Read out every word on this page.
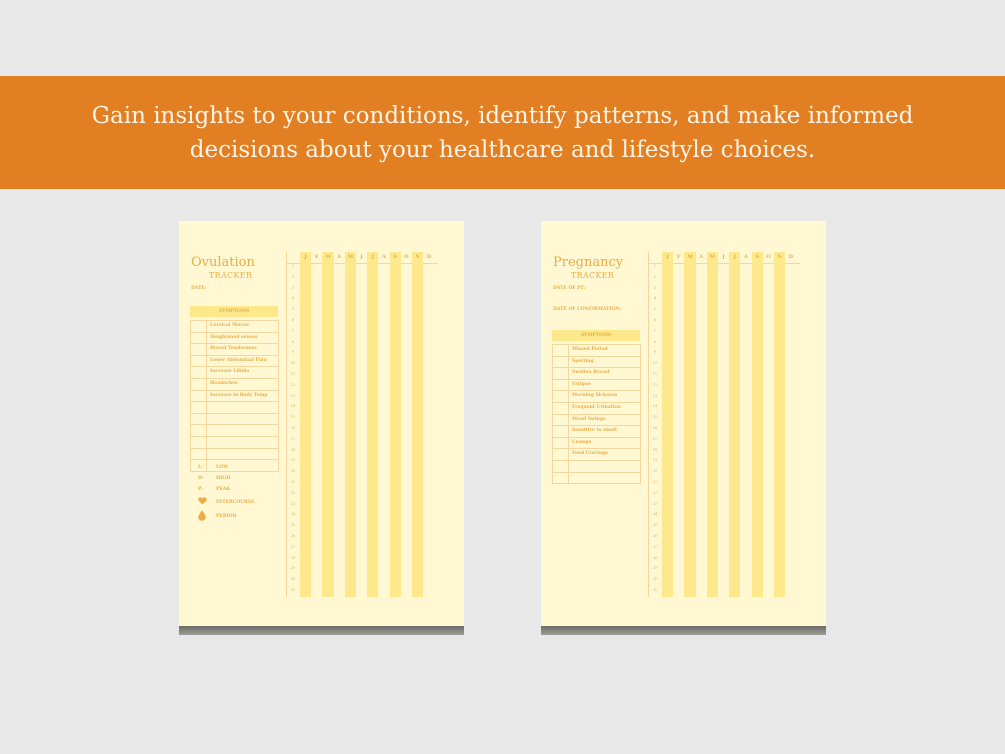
Gain insights to your conditions, identify patterns, and make informed
decisions about your healthcare and lifestyle choices.
Ovulation
TRACKER
DATE:
SYMPTOMS
Cervical Mucus
Heightened senses
Breast Tenderness
Lower Abdominal Pain
Increase Libido
Headaches
Increase in Body Temp
J	F	M	A	M	J	J	A	S	O	N	D
1
2
3
4
5
6
7
8
9
10
11
12
13
14
15
16
17
18
19
20
21
22
23
24
25
26
27
28
29
30
31
L-	LOW
H-	HIGH
P-	PEAK
INTERCOURSE
PERIOD
Pregnancy
TRACKER
DATE OF PT:
DATE OF CONFIRMATION:
SYMPTOMS
Missed Period
Spotting
Swollen Breast
Fatigue
Morning Sickness
Frequent Urination
Mood Swings
Sensitive to smell
Cramps
Food Cravings
J	F	M	A	M	J	J	A	S	O	N	D
1
2
3
4
5
6
7
8
9
10
11
12
13
14
15
16
17
18
19
20
21
22
23
24
25
26
27
28
29
30
31
